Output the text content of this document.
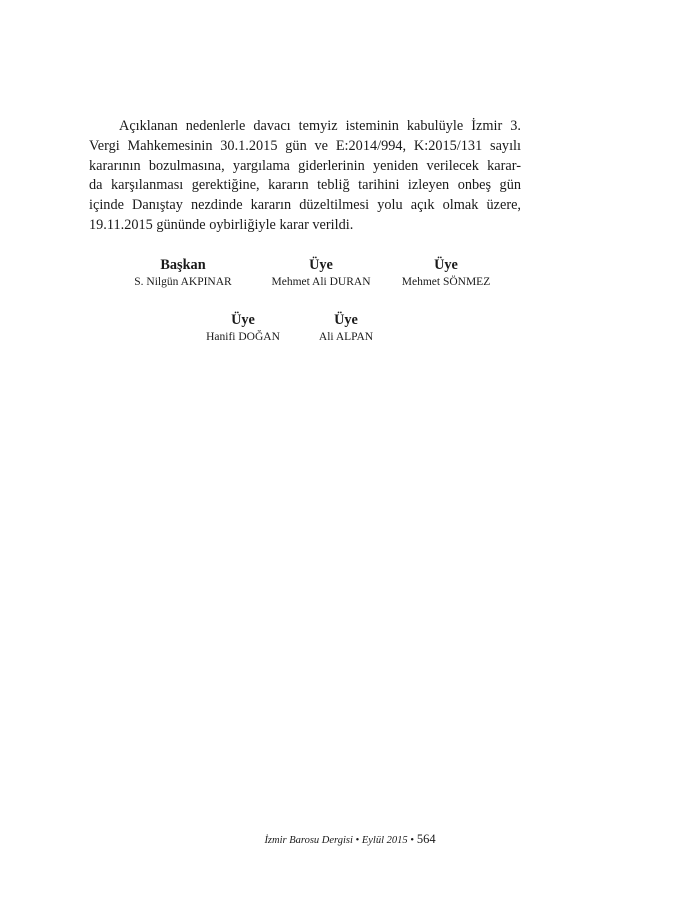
Açıklanan nedenlerle davacı temyiz isteminin kabulüyle İzmir 3.
Vergi Mahkemesinin 30.1.2015 gün ve E:2014/994, K:2015/131 sayılı
kararının bozulmasına, yargılama giderlerinin yeniden verilecek karar-
da karşılanması gerektiğine, kararın tebliğ tarihini izleyen onbeş gün
içinde Danıştay nezdinde kararın düzeltilmesi yolu açık olmak üzere,
19.11.2015 gününde oybirliğiyle karar verildi.

Başkan
S. Nilgün AKPINAR
Üye
Mehmet Ali DURAN
Üye
Mehmet SÖNMEZ
Üye
Hanifi DOĞAN
Üye
Ali ALPAN
İzmir Barosu Dergisi • Eylül 2015 • 564
